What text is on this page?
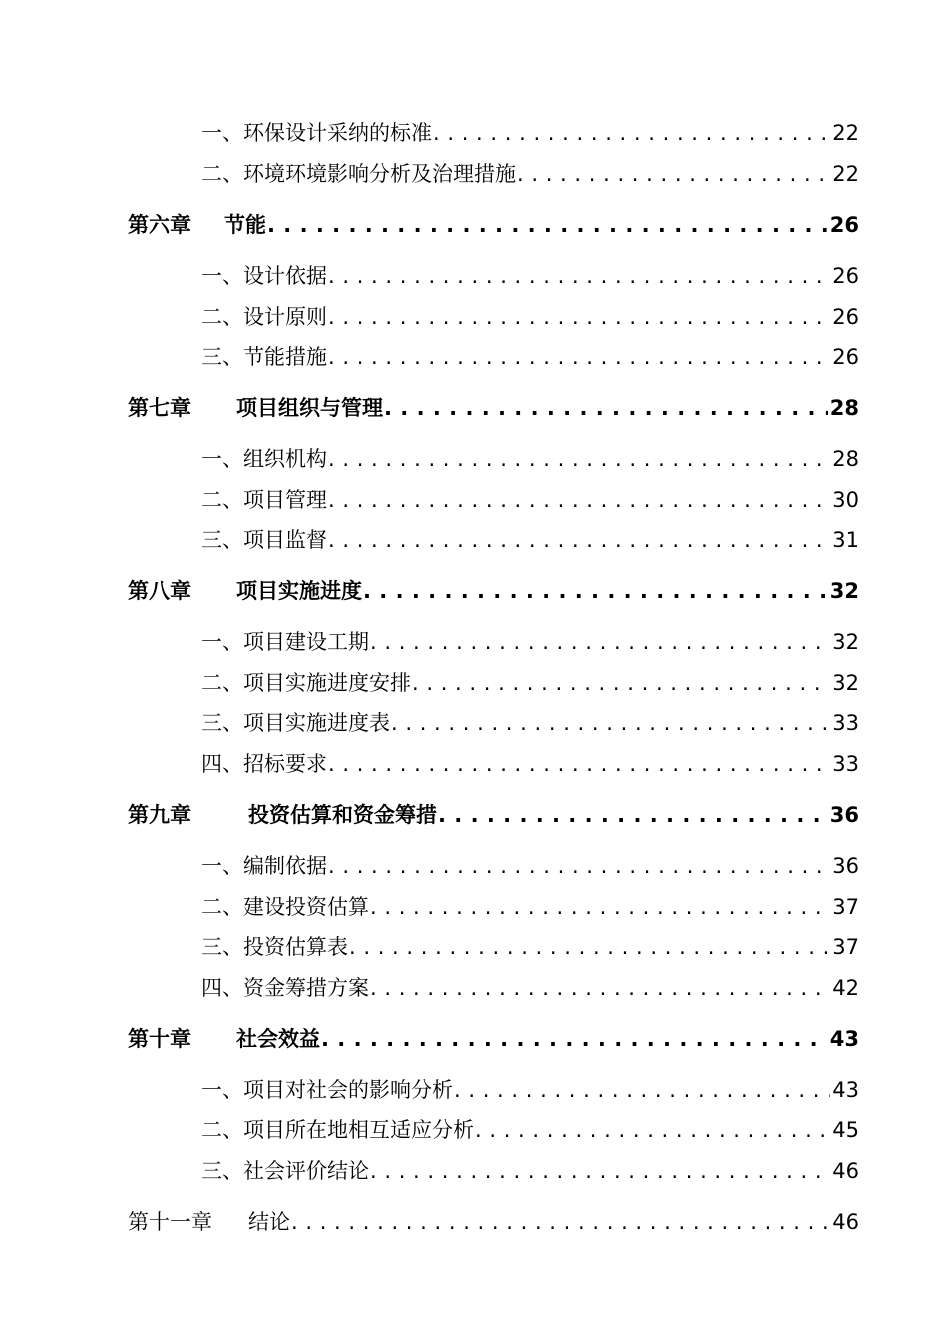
一、环保设计采纳的标准 . . .	22
二、环境环境影响分析及治理措施 . . .	22
第六章	节能 . . .	26
一、设计依据 . . .	26
二、设计原则 . . .	26
三、节能措施 . . .	26
第七章	项目组织与管理 . . .	28
一、组织机构 . . .	28
二、项目管理 . . .	30
三、项目监督 . . .	31
第八章	项目实施进度 . . .	32
一、项目建设工期 . . .	32
二、项目实施进度安排 . . .	32
三、项目实施进度表 . . .	33
四、招标要求 . . .	33
第九章	投资估算和资金筹措 . . .	36
一、编制依据 . . .	36
二、建设投资估算 . . .	37
三、投资估算表 . . .	37
四、资金筹措方案 . . .	42
第十章	社会效益 . . .	43
一、项目对社会的影响分析 . . .	43
二、项目所在地相互适应分析 . . .	45
三、社会评价结论 . . .	46
第十一章	结论 . . .	46
